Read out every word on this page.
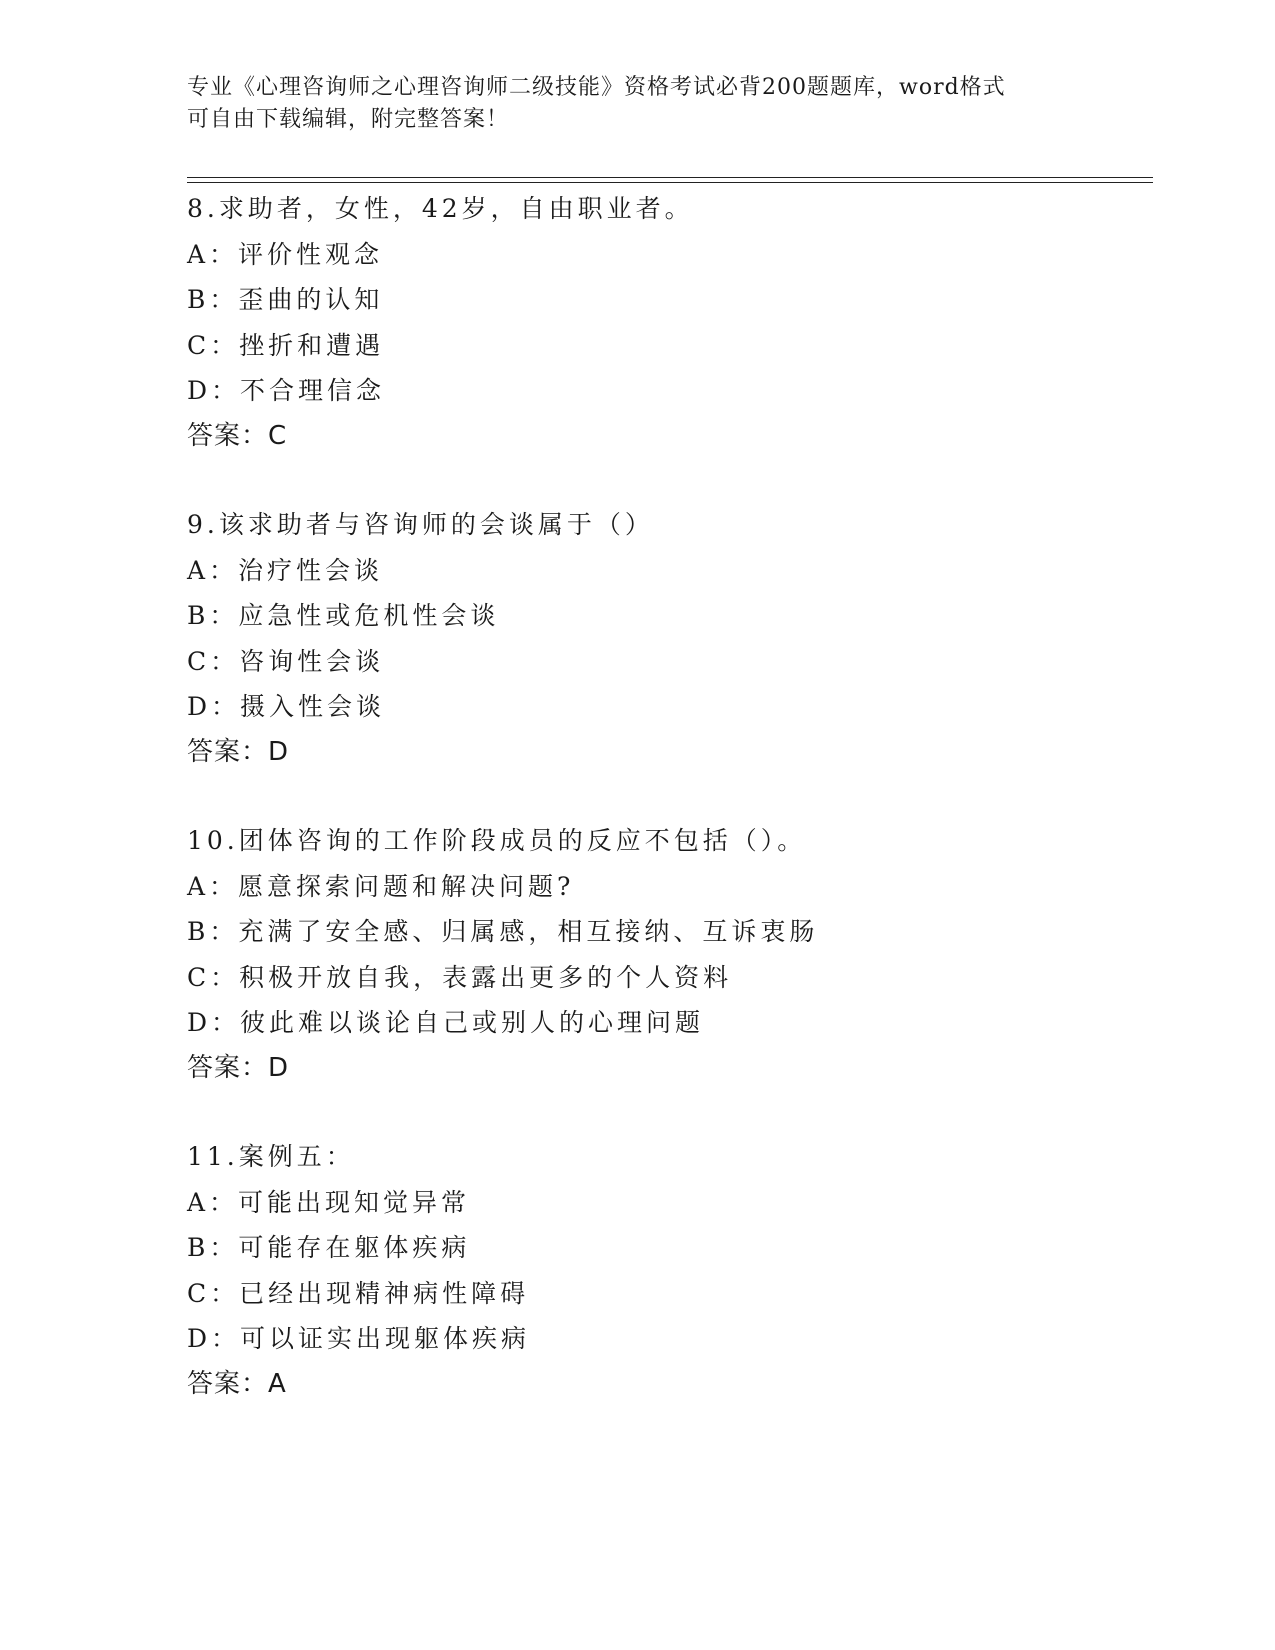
专业《心理咨询师之心理咨询师二级技能》资格考试必背200题题库，word格式
可自由下载编辑，附完整答案！
8.求助者，女性，42岁，自由职业者。
A：评价性观念
B：歪曲的认知
C：挫折和遭遇
D：不合理信念
答案：C
9.该求助者与咨询师的会谈属于（）
A：治疗性会谈
B：应急性或危机性会谈
C：咨询性会谈
D：摄入性会谈
答案：D
10.团体咨询的工作阶段成员的反应不包括（）。
A：愿意探索问题和解决问题?
B：充满了安全感、归属感，相互接纳、互诉衷肠
C：积极开放自我，表露出更多的个人资料
D：彼此难以谈论自己或别人的心理问题
答案：D
11.案例五：
A：可能出现知觉异常
B：可能存在躯体疾病
C：已经出现精神病性障碍
D：可以证实出现躯体疾病
答案：A
